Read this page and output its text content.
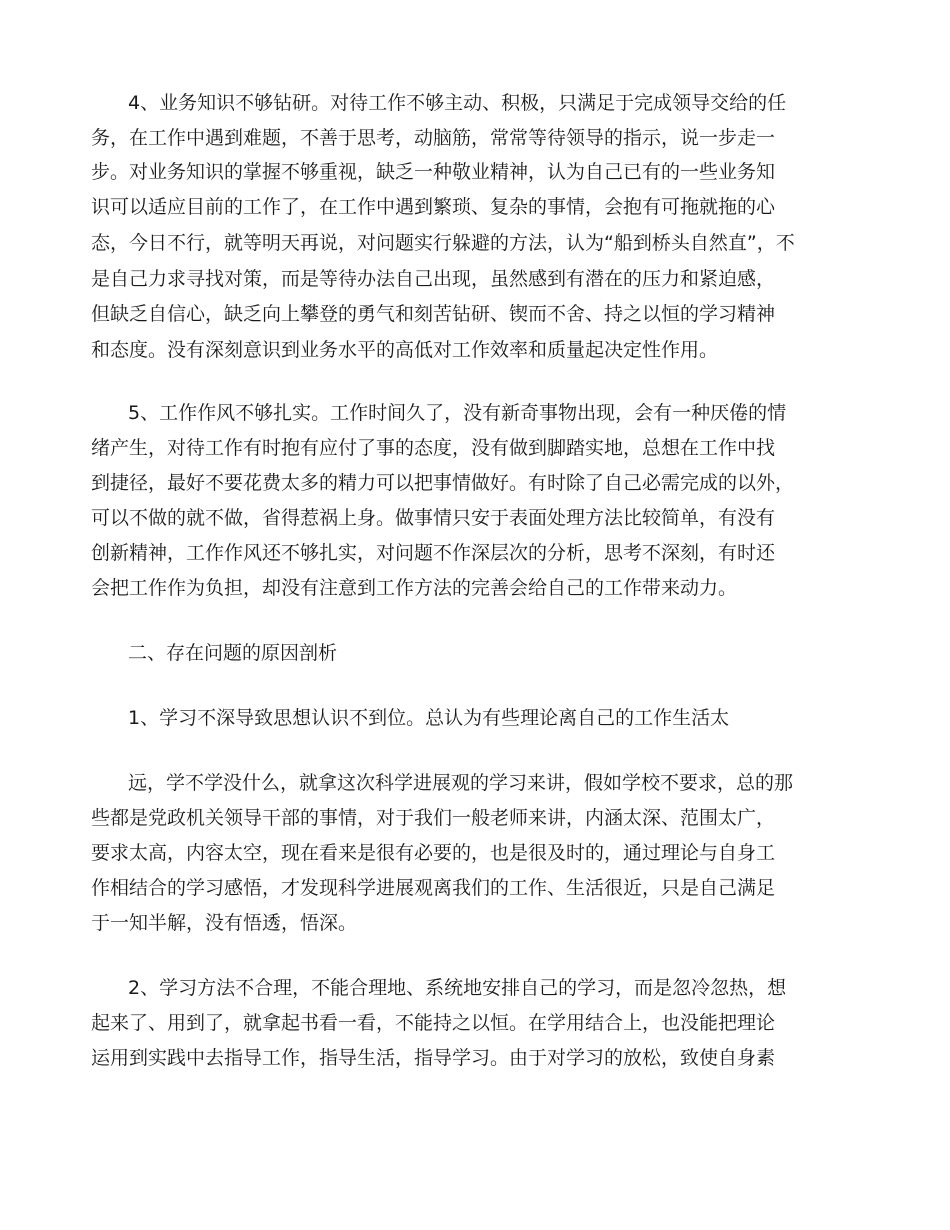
4、业务知识不够钻研。对待工作不够主动、积极，只满足于完成领导交给的任
务，在工作中遇到难题，不善于思考，动脑筋，常常等待领导的指示，说一步走一
步。对业务知识的掌握不够重视，缺乏一种敬业精神，认为自己已有的一些业务知
识可以适应目前的工作了，在工作中遇到繁琐、复杂的事情，会抱有可拖就拖的心
态，今日不行，就等明天再说，对问题实行躲避的方法，认为“船到桥头自然直”，不
是自己力求寻找对策，而是等待办法自己出现，虽然感到有潜在的压力和紧迫感，
但缺乏自信心，缺乏向上攀登的勇气和刻苦钻研、锲而不舍、持之以恒的学习精神
和态度。没有深刻意识到业务水平的高低对工作效率和质量起决定性作用。
5、工作作风不够扎实。工作时间久了，没有新奇事物出现，会有一种厌倦的情
绪产生，对待工作有时抱有应付了事的态度，没有做到脚踏实地，总想在工作中找
到捷径，最好不要花费太多的精力可以把事情做好。有时除了自己必需完成的以外，
可以不做的就不做，省得惹祸上身。做事情只安于表面处理方法比较简单，有没有
创新精神，工作作风还不够扎实，对问题不作深层次的分析，思考不深刻，有时还
会把工作作为负担，却没有注意到工作方法的完善会给自己的工作带来动力。
二、存在问题的原因剖析
1、学习不深导致思想认识不到位。总认为有些理论离自己的工作生活太
远，学不学没什么，就拿这次科学进展观的学习来讲，假如学校不要求，总的那
些都是党政机关领导干部的事情，对于我们一般老师来讲，内涵太深、范围太广，
要求太高，内容太空，现在看来是很有必要的，也是很及时的，通过理论与自身工
作相结合的学习感悟，才发现科学进展观离我们的工作、生活很近，只是自己满足
于一知半解，没有悟透，悟深。
2、学习方法不合理，不能合理地、系统地安排自己的学习，而是忽冷忽热，想
起来了、用到了，就拿起书看一看，不能持之以恒。在学用结合上，也没能把理论
运用到实践中去指导工作，指导生活，指导学习。由于对学习的放松，致使自身素
